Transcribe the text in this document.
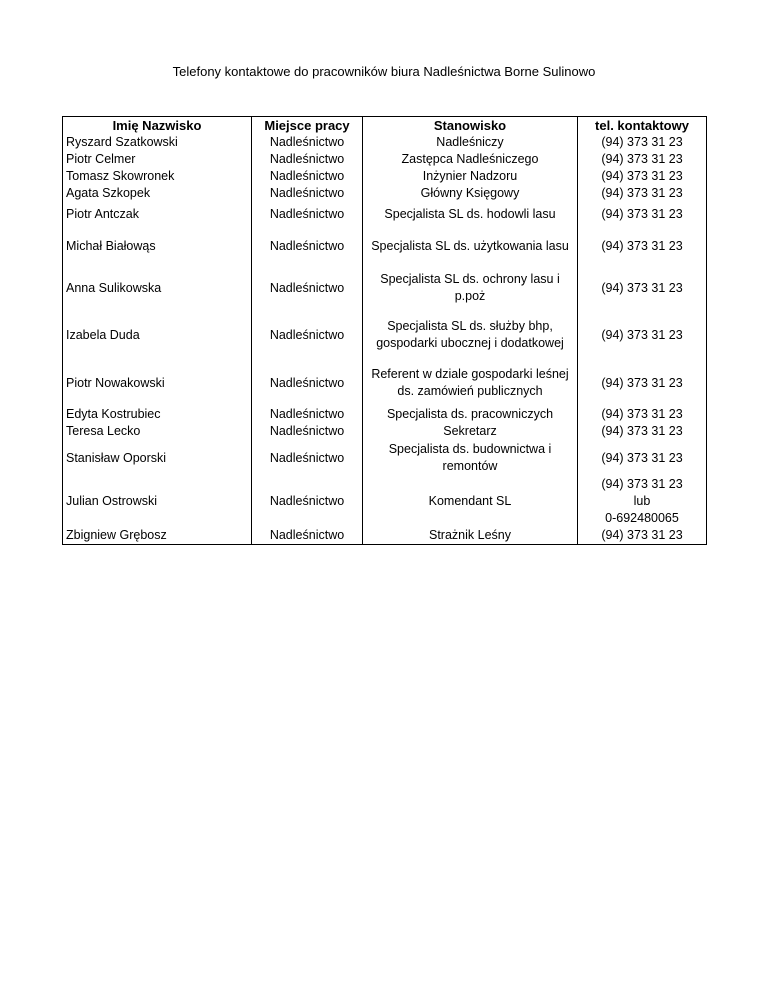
Telefony kontaktowe do pracowników biura Nadleśnictwa Borne Sulinowo
Imię Nazwisko	Miejsce pracy	Stanowisko	tel. kontaktowy
Ryszard Szatkowski	Nadleśnictwo	Nadleśniczy	(94) 373 31 23

Piotr Celmer	Nadleśnictwo	Zastępca Nadleśniczego	(94) 373 31 23

Tomasz Skowronek	Nadleśnictwo	Inżynier Nadzoru	(94) 373 31 23

Agata Szkopek	Nadleśnictwo	Główny Księgowy	(94) 373 31 23

Piotr Antczak	Nadleśnictwo	Specjalista SL ds. hodowli lasu	(94) 373 31 23

Michał Białowąs	Nadleśnictwo	Specjalista SL ds. użytkowania lasu	(94) 373 31 23

Anna Sulikowska	Nadleśnictwo	Specjalista SL ds. ochrony lasu i p.poż	(94) 373 31 23

Izabela Duda	Nadleśnictwo	Specjalista SL ds. służby bhp, gospodarki ubocznej i dodatkowej	(94) 373 31 23

Piotr Nowakowski	Nadleśnictwo	Referent w dziale gospodarki leśnej ds. zamówień publicznych	(94) 373 31 23

Edyta Kostrubiec	Nadleśnictwo	Specjalista ds. pracowniczych	(94) 373 31 23

Teresa Lecko	Nadleśnictwo	Sekretarz	(94) 373 31 23

Stanisław Oporski	Nadleśnictwo	Specjalista ds. budownictwa i remontów	(94) 373 31 23

Julian Ostrowski	Nadleśnictwo	Komendant SL	(94) 373 31 23
lub
0-692480065

Zbigniew Grębosz	Nadleśnictwo	Strażnik Leśny	(94) 373 31 23
